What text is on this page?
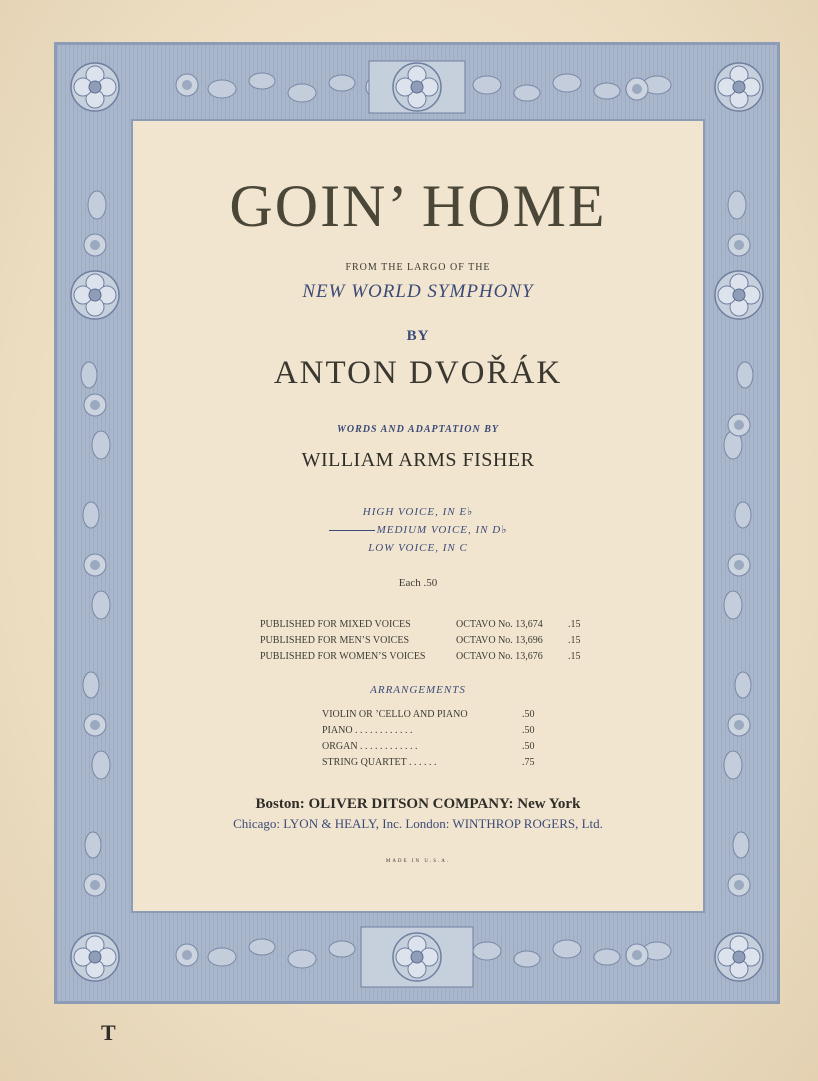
GOIN’ HOME
FROM THE LARGO OF THE
NEW WORLD SYMPHONY
BY
ANTON DVOŘÁK
WORDS AND ADAPTATION BY
WILLIAM ARMS FISHER
HIGH VOICE, IN E♭
MEDIUM VOICE, IN D♭
LOW VOICE, IN C
Each .50
PUBLISHED FOR MIXED VOICES	OCTAVO No. 13,674	.15
PUBLISHED FOR MEN’S VOICES	OCTAVO No. 13,696	.15
PUBLISHED FOR WOMEN’S VOICES	OCTAVO No. 13,676	.15
ARRANGEMENTS
VIOLIN OR ’CELLO AND PIANO	.50
PIANO . . . . . . . . . . . .	.50
ORGAN . . . . . . . . . . . .	.50
STRING QUARTET . . . . . .	.75
Boston: OLIVER DITSON COMPANY: New York
Chicago: LYON & HEALY, Inc. London: WINTHROP ROGERS, Ltd.
MADE IN U.S.A.
T
